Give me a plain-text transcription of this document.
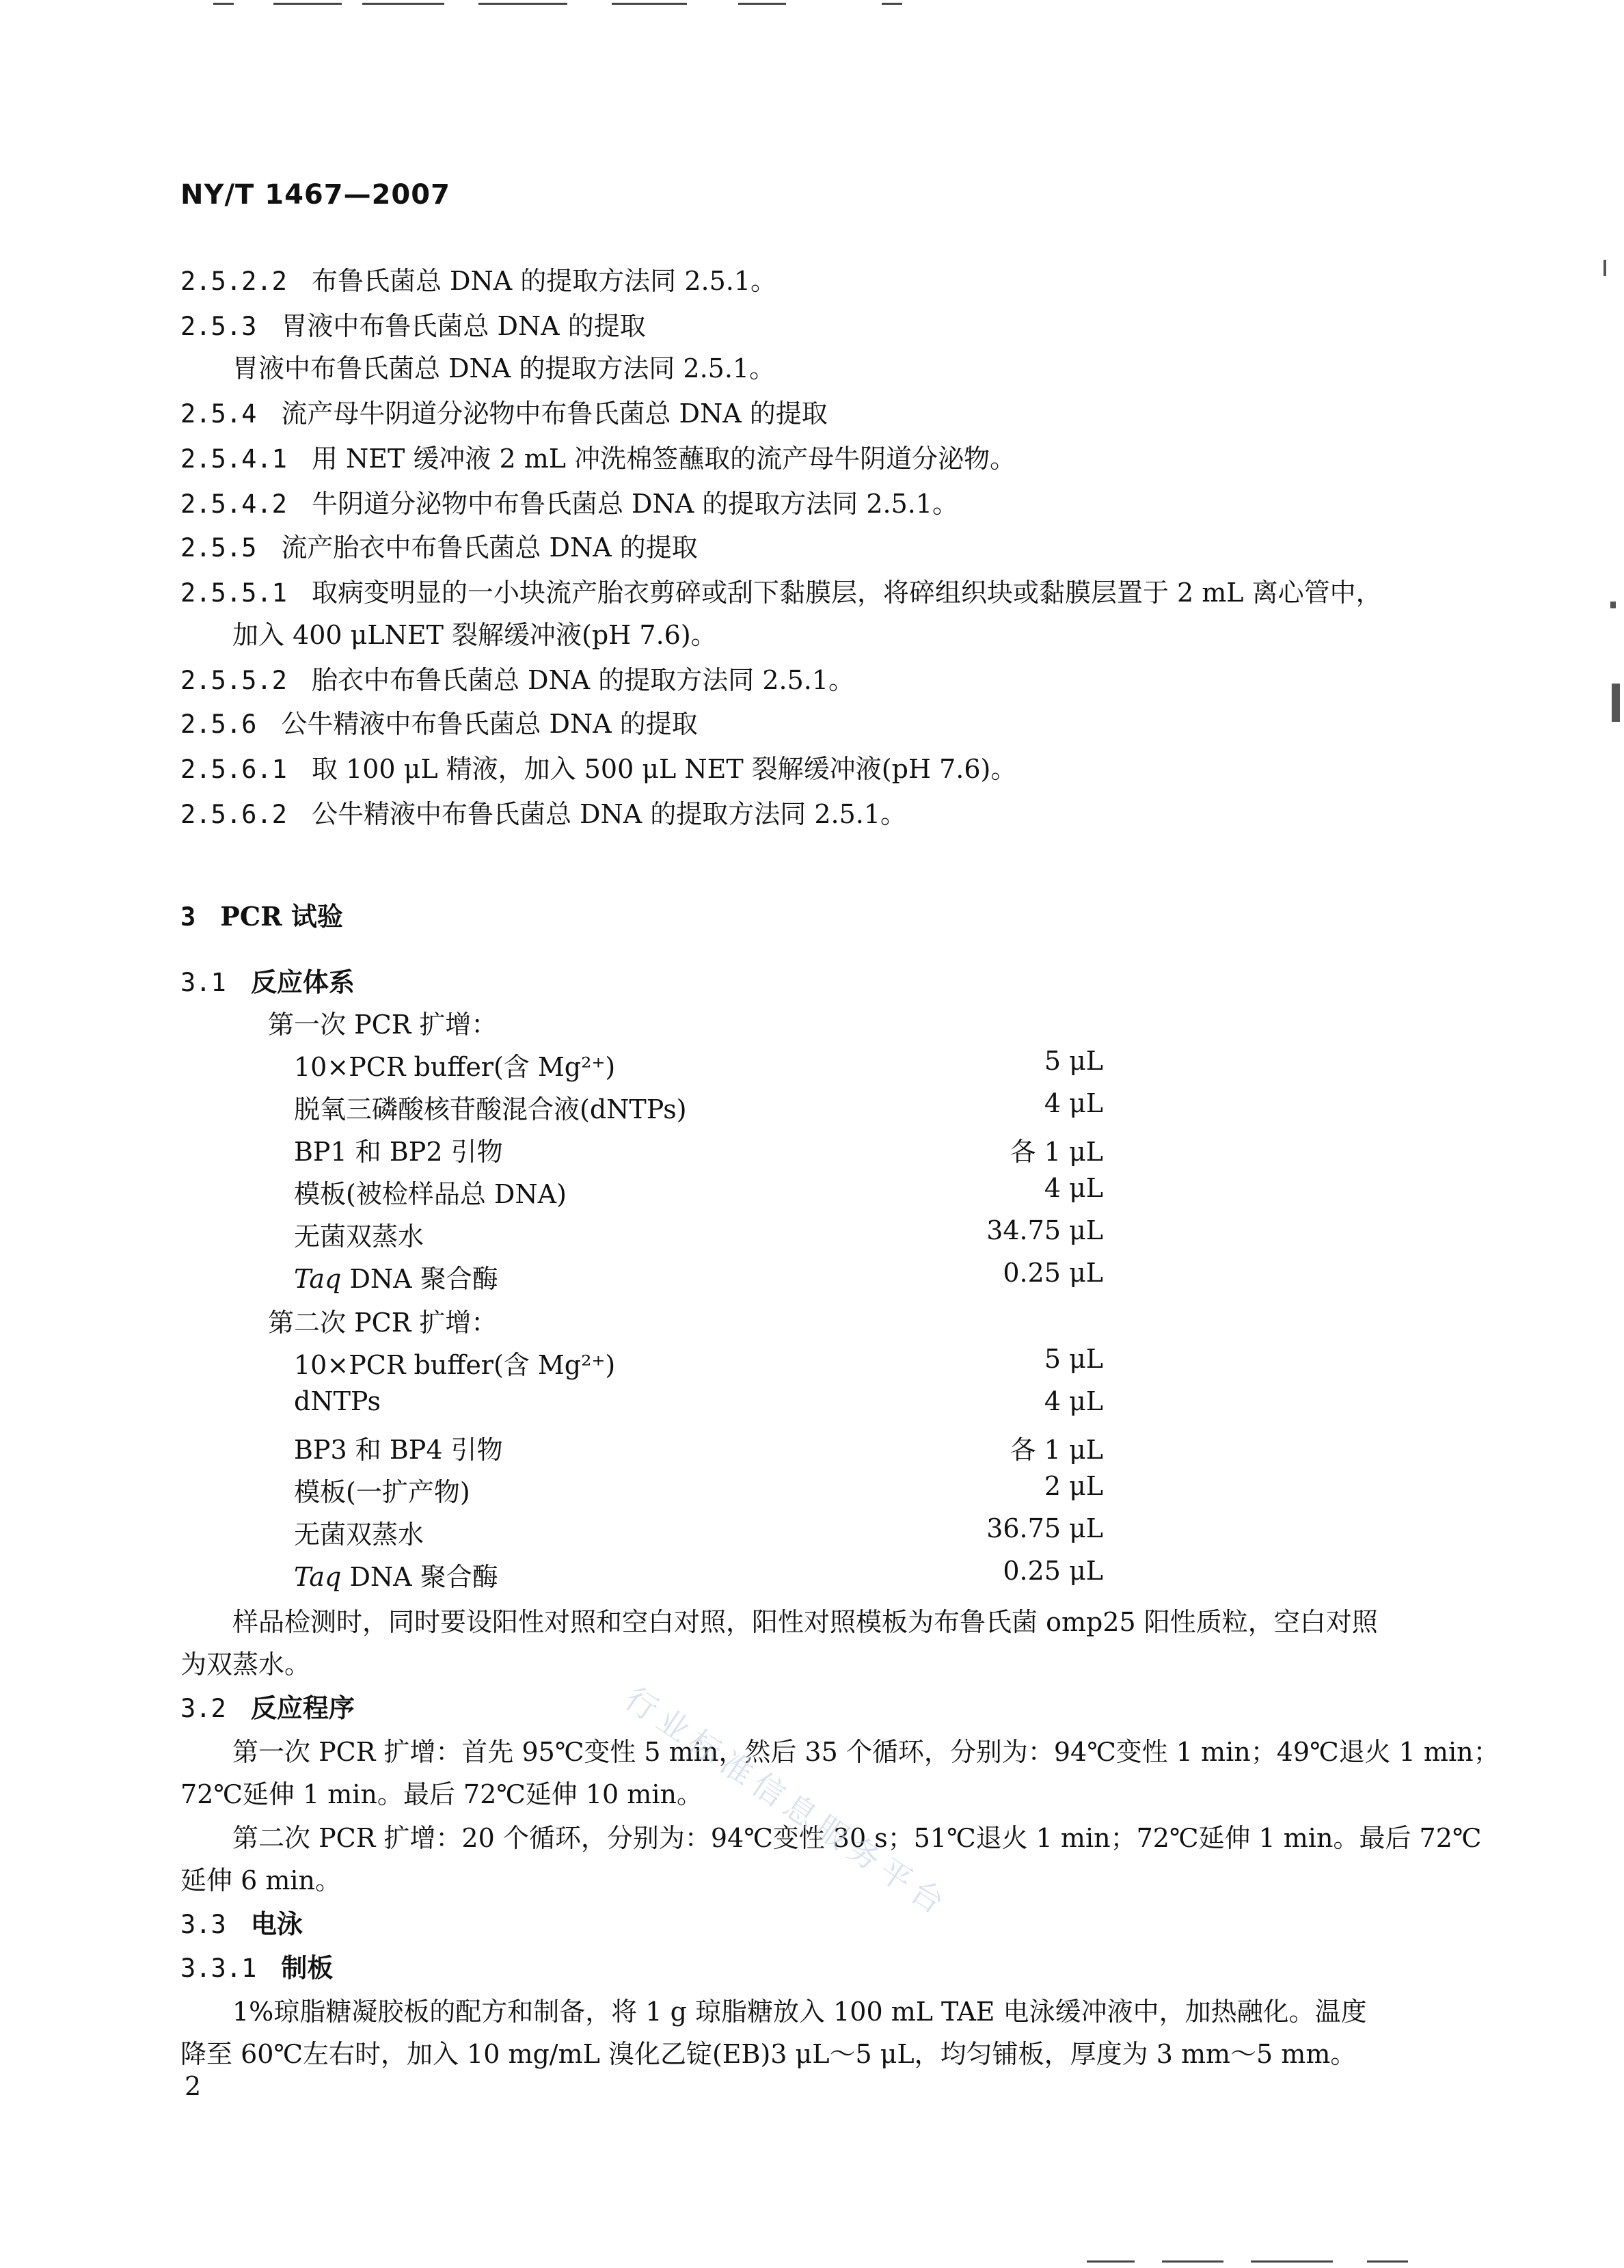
NY/T 1467—2007
2.5.2.2 布鲁氏菌总 DNA 的提取方法同 2.5.1。
2.5.3 胃液中布鲁氏菌总 DNA 的提取
胃液中布鲁氏菌总 DNA 的提取方法同 2.5.1。
2.5.4 流产母牛阴道分泌物中布鲁氏菌总 DNA 的提取
2.5.4.1 用 NET 缓冲液 2 mL 冲洗棉签蘸取的流产母牛阴道分泌物。
2.5.4.2 牛阴道分泌物中布鲁氏菌总 DNA 的提取方法同 2.5.1。
2.5.5 流产胎衣中布鲁氏菌总 DNA 的提取
2.5.5.1 取病变明显的一小块流产胎衣剪碎或刮下黏膜层，将碎组织块或黏膜层置于 2 mL 离心管中，
加入 400 μLNET 裂解缓冲液(pH 7.6)。
2.5.5.2 胎衣中布鲁氏菌总 DNA 的提取方法同 2.5.1。
2.5.6 公牛精液中布鲁氏菌总 DNA 的提取
2.5.6.1 取 100 μL 精液，加入 500 μL NET 裂解缓冲液(pH 7.6)。
2.5.6.2 公牛精液中布鲁氏菌总 DNA 的提取方法同 2.5.1。
3 PCR 试验
3.1 反应体系
第一次 PCR 扩增：
10×PCR buffer(含 Mg²⁺)	5 μL
脱氧三磷酸核苷酸混合液(dNTPs)	4 μL
BP1 和 BP2 引物	各 1 μL
模板(被检样品总 DNA)	4 μL
无菌双蒸水	34.75 μL
Taq DNA 聚合酶	0.25 μL
第二次 PCR 扩增：
10×PCR buffer(含 Mg²⁺)	5 μL
dNTPs	4 μL
BP3 和 BP4 引物	各 1 μL
模板(一扩产物)	2 μL
无菌双蒸水	36.75 μL
Taq DNA 聚合酶	0.25 μL
样品检测时，同时要设阳性对照和空白对照，阳性对照模板为布鲁氏菌 omp25 阳性质粒，空白对照
为双蒸水。
3.2 反应程序
第一次 PCR 扩增：首先 95℃变性 5 min，然后 35 个循环，分别为：94℃变性 1 min；49℃退火 1 min；
72℃延伸 1 min。最后 72℃延伸 10 min。
第二次 PCR 扩增：20 个循环，分别为：94℃变性 30 s；51℃退火 1 min；72℃延伸 1 min。最后 72℃
延伸 6 min。
3.3 电泳
3.3.1 制板
1%琼脂糖凝胶板的配方和制备，将 1 g 琼脂糖放入 100 mL TAE 电泳缓冲液中，加热融化。温度
降至 60℃左右时，加入 10 mg/mL 溴化乙锭(EB)3 μL～5 μL，均匀铺板，厚度为 3 mm～5 mm。
2
行业标准信息服务平台
